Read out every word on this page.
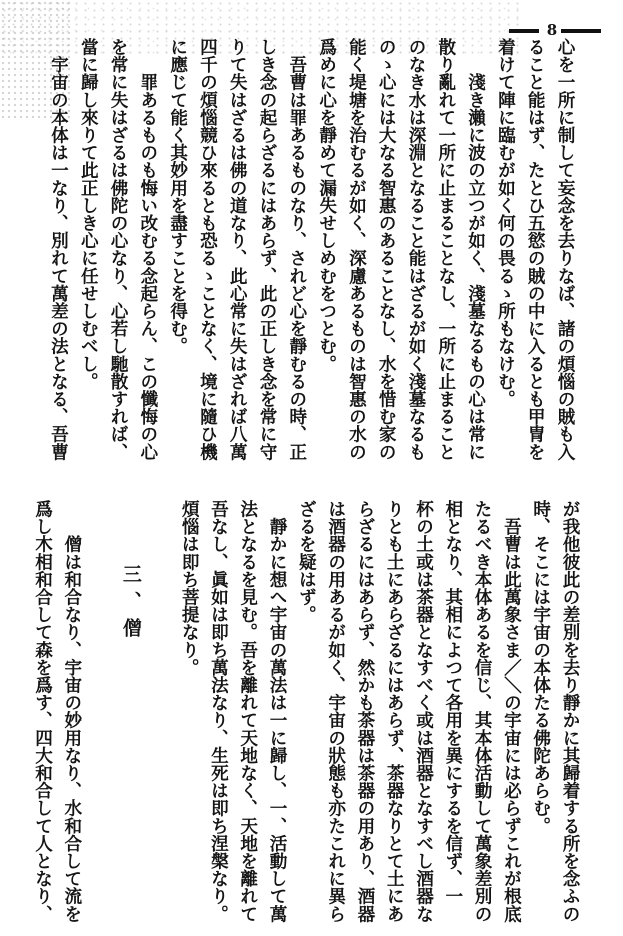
8
心を一所に制して妄念を去りなば、諸の煩惱の賊も入
ること能はず、たとひ五慾の賊の中に入るとも甲冑を
着けて陣に臨むが如く何の畏るゝ所もなけむ。
　　淺き瀨に波の立つが如く、淺墓なるもの心は常に
散り亂れて一所に止まることなし、一所に止まること
のなき水は深淵となること能はざるが如く淺墓なるも
のゝ心には大なる智惠のあることなし、水を惜む家の
能く堤塘を治むるが如く、深慮あるものは智惠の水の
爲めに心を靜めて漏失せしめむをつとむ。
　吾曹は罪あるものなり、されど心を靜むるの時、正
しき念の起らざるにはあらず、此の正しき念を常に守
りて失はざるは佛の道なり、此心常に失はざれば八萬
四千の煩惱競ひ來るとも恐るゝことなく、境に隨ひ機
に應じて能く其妙用を盡すことを得む。
　　罪あるものも悔い改むる念起らん、この懺悔の心
を常に失はざるは佛陀の心なり、心若し馳散すれば、
當に歸し來りて此正しき心に任せしむべし。
　宇宙の本体は一なり、別れて萬差の法となる、吾曹
が我他彼此の差別を去り靜かに其歸着する所を念ふの
時、そこには宇宙の本体たる佛陀あらむ。
　吾曹は此萬象さま／＼の宇宙には必らずこれが根底
たるべき本体あるを信じ、其本体活動して萬象差別の
相となり、其相によつて各用を異にするを信ず、一
杯の土或は茶器となすべく或は酒器となすべし酒器な
りとも土にあらざるにはあらず、茶器なりとて土にあ
らざるにはあらず、然かも茶器は茶器の用あり、酒器
は酒器の用あるが如く、宇宙の狀態も亦たこれに異ら
ざるを疑はず。
　靜かに想へ宇宙の萬法は一に歸し、一、活動して萬
法となるを見む。吾を離れて天地なく、天地を離れて
吾なし、眞如は即ち萬法なり、生死は即ち涅槃なり。
煩惱は即ち菩提なり。
三、僧
　　僧は和合なり、宇宙の妙用なり、水和合して流を
爲し木相和合して森を爲す、四大和合して人となり、
